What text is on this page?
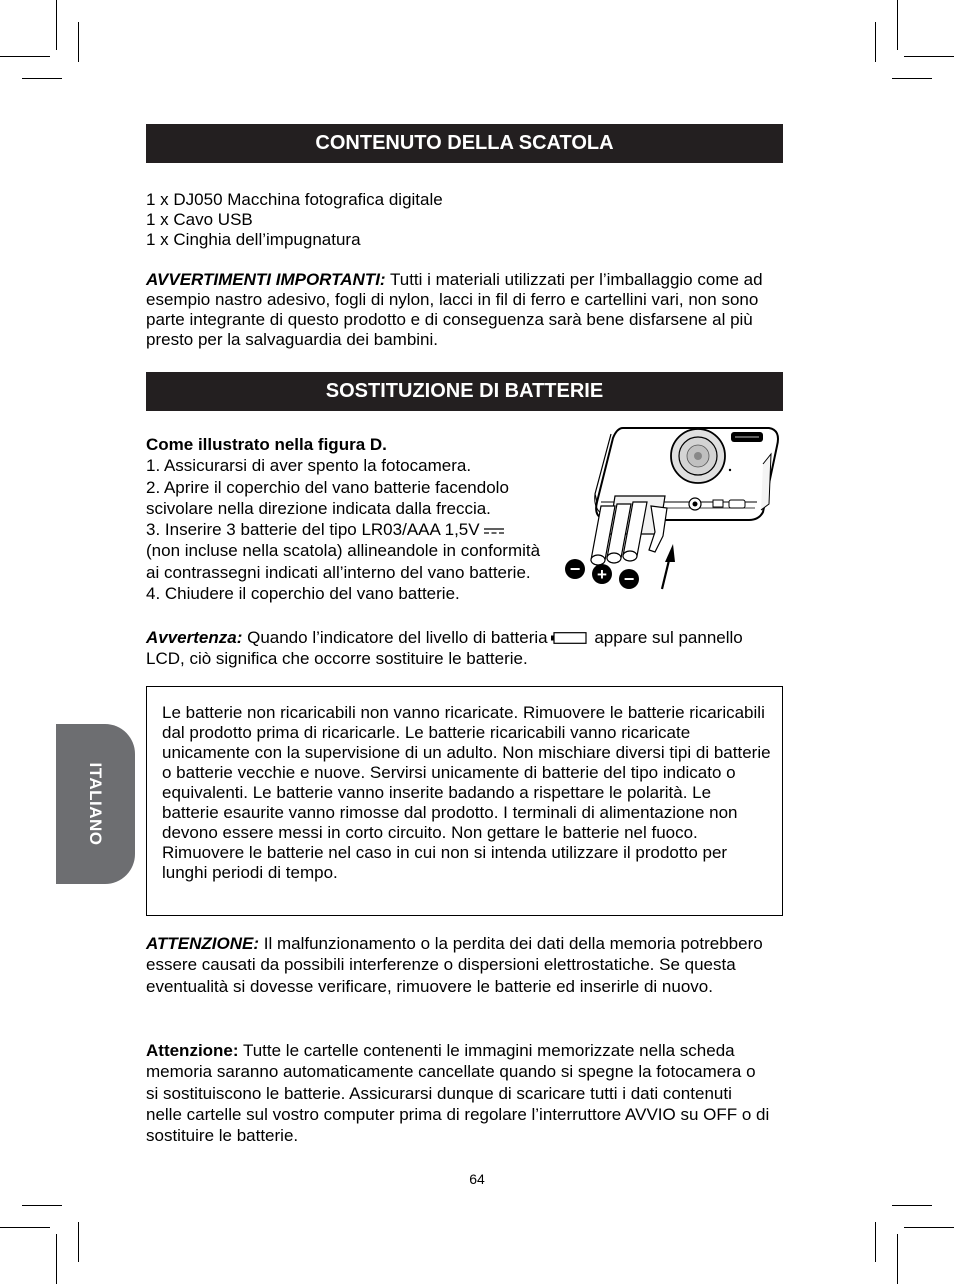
CONTENUTO DELLA SCATOLA
1 x DJ050 Macchina fotografica digitale
1 x Cavo USB
1 x Cinghia dell’impugnatura
AVVERTIMENTI IMPORTANTI: Tutti i materiali utilizzati per l’imballaggio come ad esempio nastro adesivo, fogli di nylon, lacci in fil di ferro e cartellini vari, non sono parte integrante di questo prodotto e di conseguenza sarà bene disfarsene al più presto per la salvaguardia dei bambini.
SOSTITUZIONE DI BATTERIE
Come illustrato nella figura D.
1. Assicurarsi di aver spento la fotocamera.
2. Aprire il coperchio del vano batterie facendolo scivolare nella direzione indicata dalla freccia.
3. Inserire 3 batterie del tipo LR03/AAA 1,5V
(non incluse nella scatola) allineandole in conformità ai contrassegni indicati all’interno del vano batterie.
4. Chiudere il coperchio del vano batterie.
Avvertenza: Quando l’indicatore del livello di batteria appare sul pannello LCD, ciò significa che occorre sostituire le batterie.
− + −
Le batterie non ricaricabili non vanno ricaricate. Rimuovere le batterie ricaricabili dal prodotto prima di ricaricarle. Le batterie ricaricabili vanno ricaricate unicamente con la supervisione di un adulto. Non mischiare diversi tipi di batterie o batterie vecchie e nuove. Servirsi unicamente di batterie del tipo indicato o equivalenti. Le batterie vanno inserite badando a rispettare le polarità. Le batterie esaurite vanno rimosse dal prodotto. I terminali di alimentazione non devono essere messi in corto circuito. Non gettare le batterie nel fuoco. Rimuovere le batterie nel caso in cui non si intenda utilizzare il prodotto per lunghi periodi di tempo.
ATTENZIONE: Il malfunzionamento o la perdita dei dati della memoria potrebbero essere causati da possibili interferenze o dispersioni elettrostatiche. Se questa eventualità si dovesse verificare, rimuovere le batterie ed inserirle di nuovo.
Attenzione: Tutte le cartelle contenenti le immagini memorizzate nella scheda memoria saranno automaticamente cancellate quando si spegne la fotocamera o si sostituiscono le batterie. Assicurarsi dunque di scaricare tutti i dati contenuti nelle cartelle sul vostro computer prima di regolare l’interruttore AVVIO su OFF o di sostituire le batterie.
ITALIANO
64
